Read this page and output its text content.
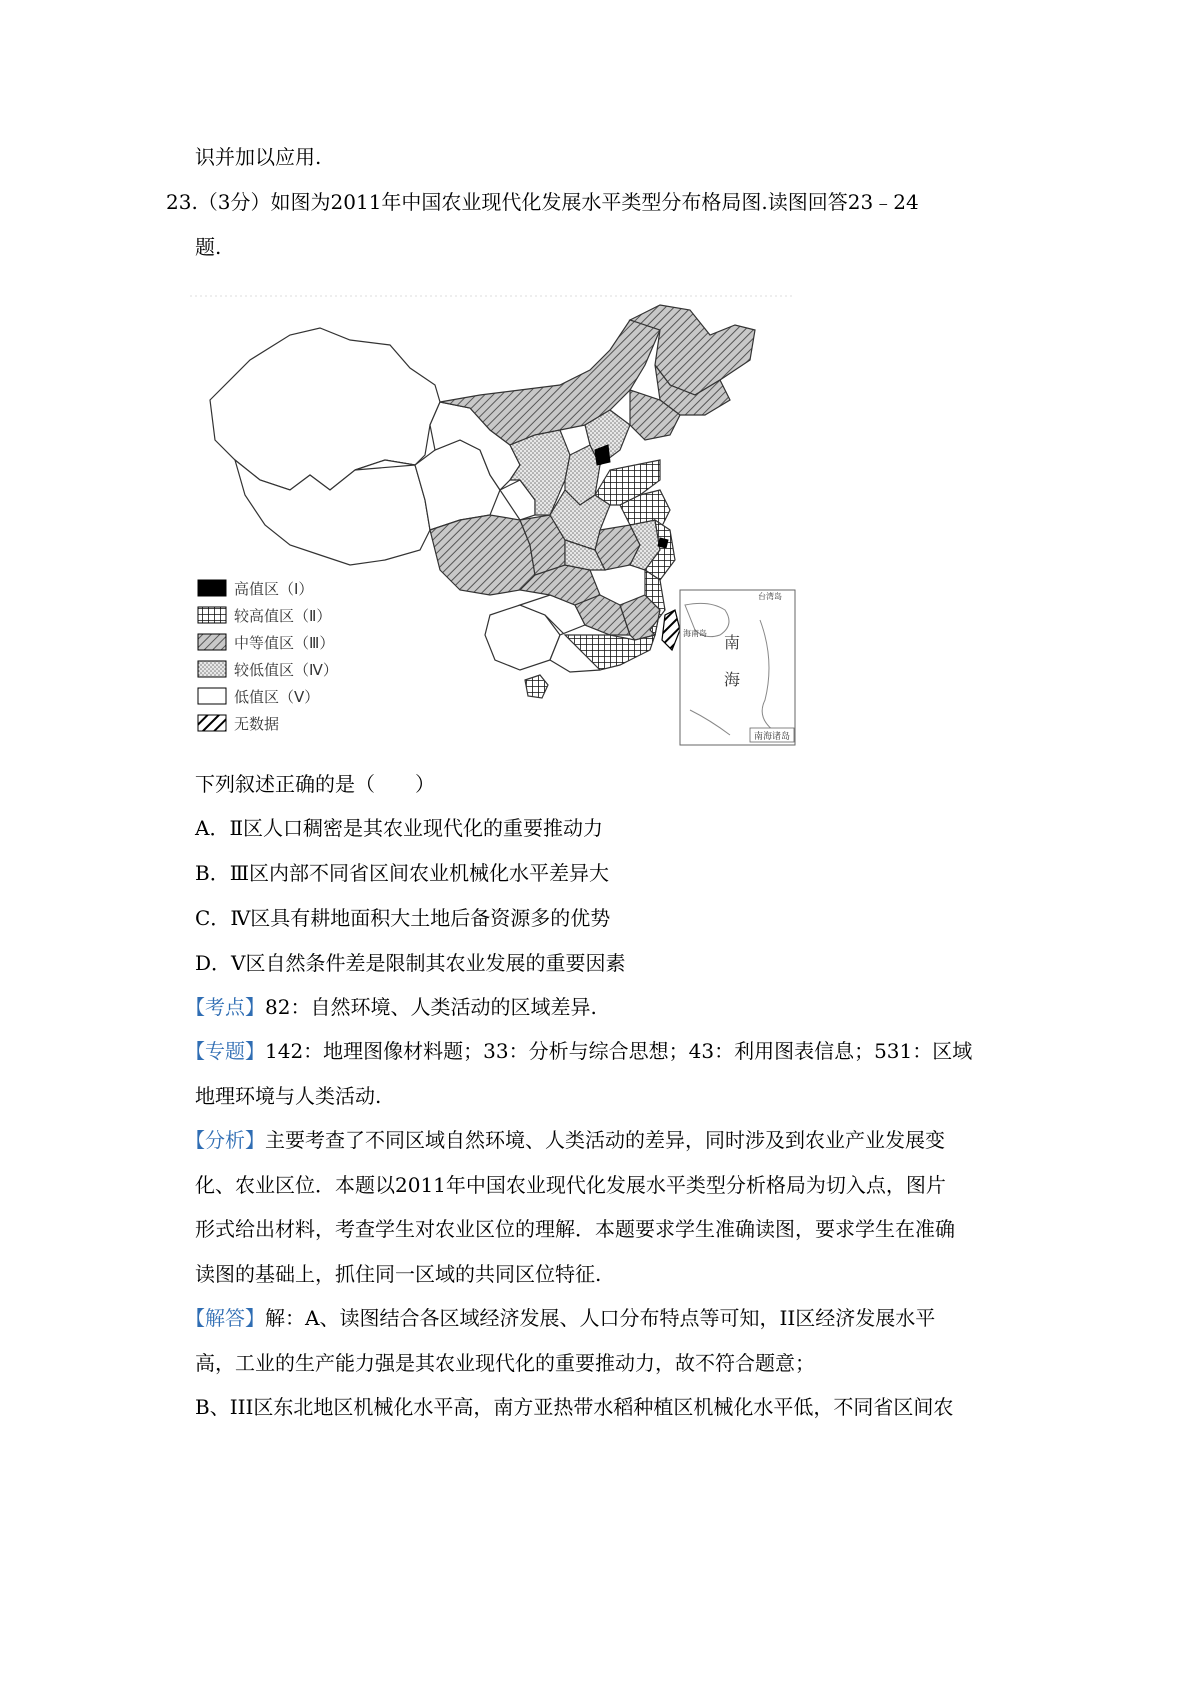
识并加以应用.
23.（3分）如图为2011年中国农业现代化发展水平类型分布格局图.读图回答23﹣24
题.
高值区（Ⅰ）
较高值区（Ⅱ）
中等值区（Ⅲ）
较低值区（Ⅳ）
低值区（Ⅴ）
无数据
台湾岛
海南岛 南
海
南海诸岛
下列叙述正确的是（　　）
A．Ⅱ区人口稠密是其农业现代化的重要推动力
B．Ⅲ区内部不同省区间农业机械化水平差异大
C．Ⅳ区具有耕地面积大土地后备资源多的优势
D．Ⅴ区自然条件差是限制其农业发展的重要因素
【考点】82：自然环境、人类活动的区域差异.
【专题】142：地理图像材料题；33：分析与综合思想；43：利用图表信息；531：区域
地理环境与人类活动.
【分析】主要考查了不同区域自然环境、人类活动的差异，同时涉及到农业产业发展变
化、农业区位．本题以2011年中国农业现代化发展水平类型分析格局为切入点，图片
形式给出材料，考查学生对农业区位的理解．本题要求学生准确读图，要求学生在准确
读图的基础上，抓住同一区域的共同区位特征.
【解答】解：A、读图结合各区域经济发展、人口分布特点等可知，II区经济发展水平
高，工业的生产能力强是其农业现代化的重要推动力，故不符合题意；
B、III区东北地区机械化水平高，南方亚热带水稻种植区机械化水平低，不同省区间农
